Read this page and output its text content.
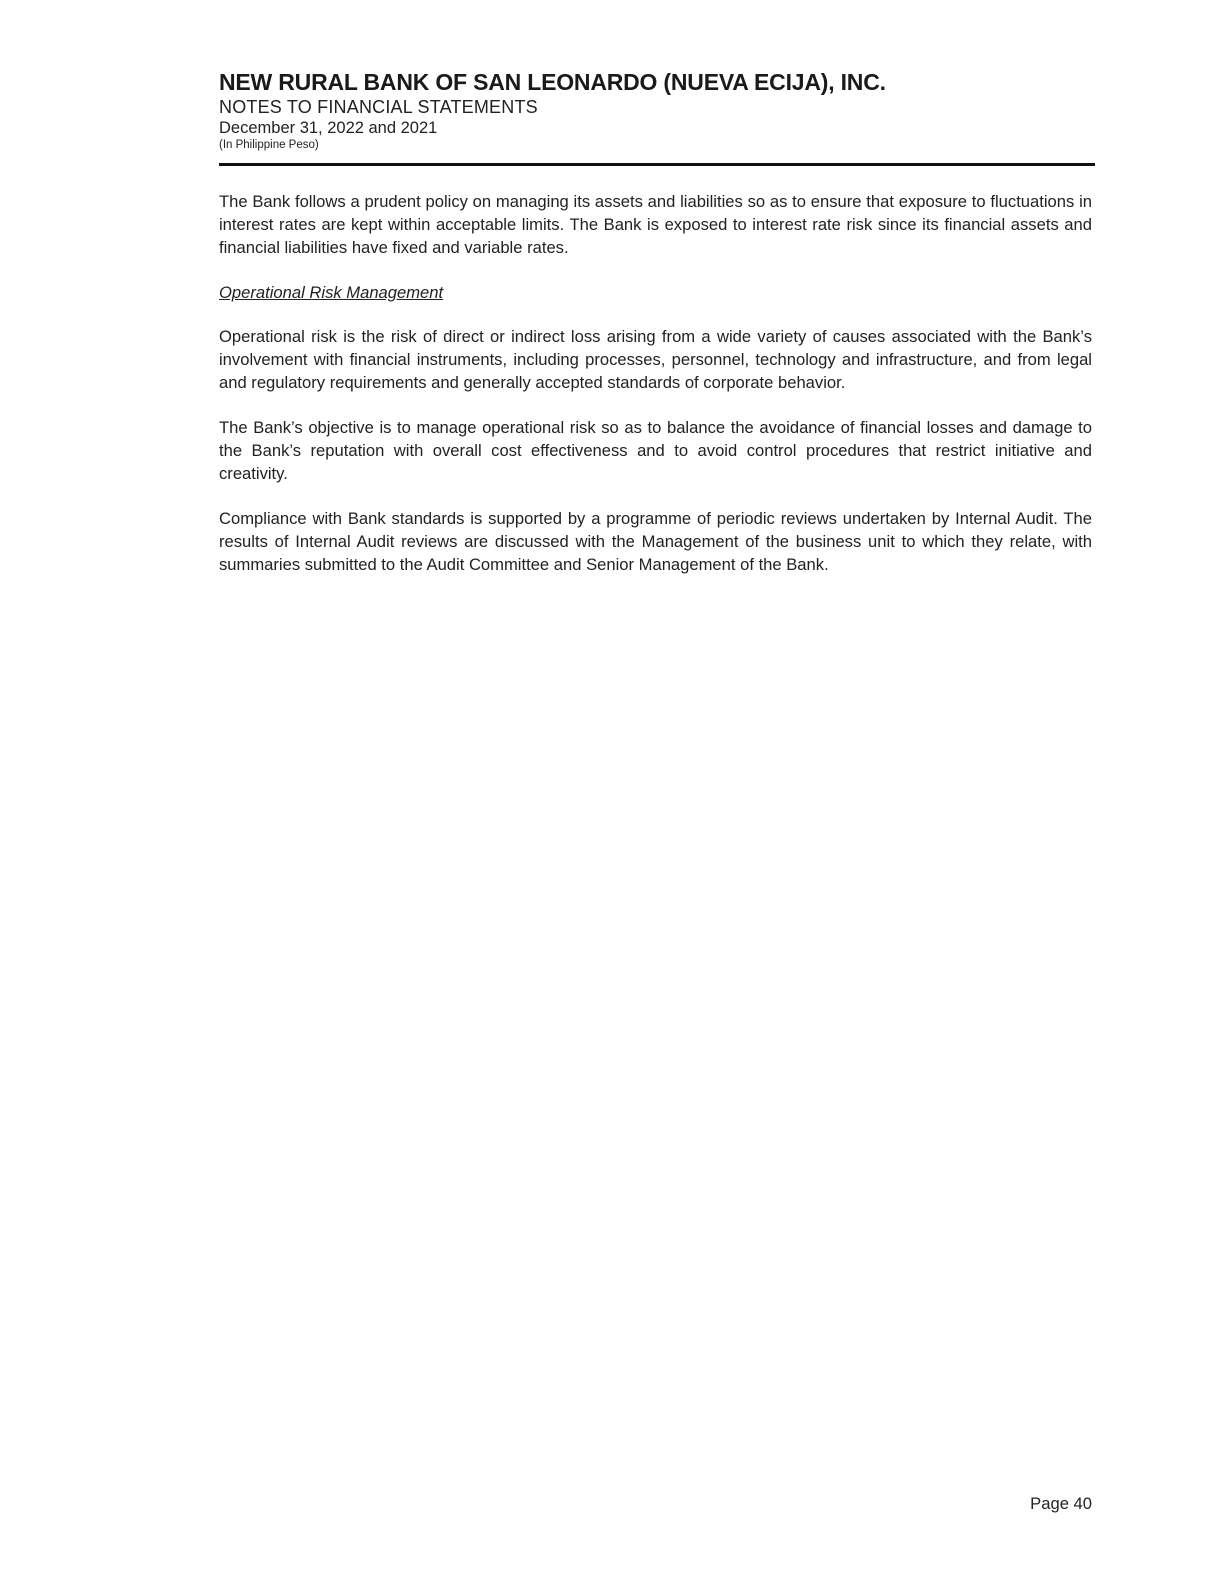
NEW RURAL BANK OF SAN LEONARDO (NUEVA ECIJA), INC.
NOTES TO FINANCIAL STATEMENTS
December 31, 2022 and 2021
(In Philippine Peso)

The Bank follows a prudent policy on managing its assets and liabilities so as to ensure that exposure to fluctuations in interest rates are kept within acceptable limits. The Bank is exposed to interest rate risk since its financial assets and financial liabilities have fixed and variable rates.

Operational Risk Management

Operational risk is the risk of direct or indirect loss arising from a wide variety of causes associated with the Bank’s involvement with financial instruments, including processes, personnel, technology and infrastructure, and from legal and regulatory requirements and generally accepted standards of corporate behavior.

The Bank’s objective is to manage operational risk so as to balance the avoidance of financial losses and damage to the Bank’s reputation with overall cost effectiveness and to avoid control procedures that restrict initiative and creativity.

Compliance with Bank standards is supported by a programme of periodic reviews undertaken by Internal Audit. The results of Internal Audit reviews are discussed with the Management of the business unit to which they relate, with summaries submitted to the Audit Committee and Senior Management of the Bank.

Page 40
